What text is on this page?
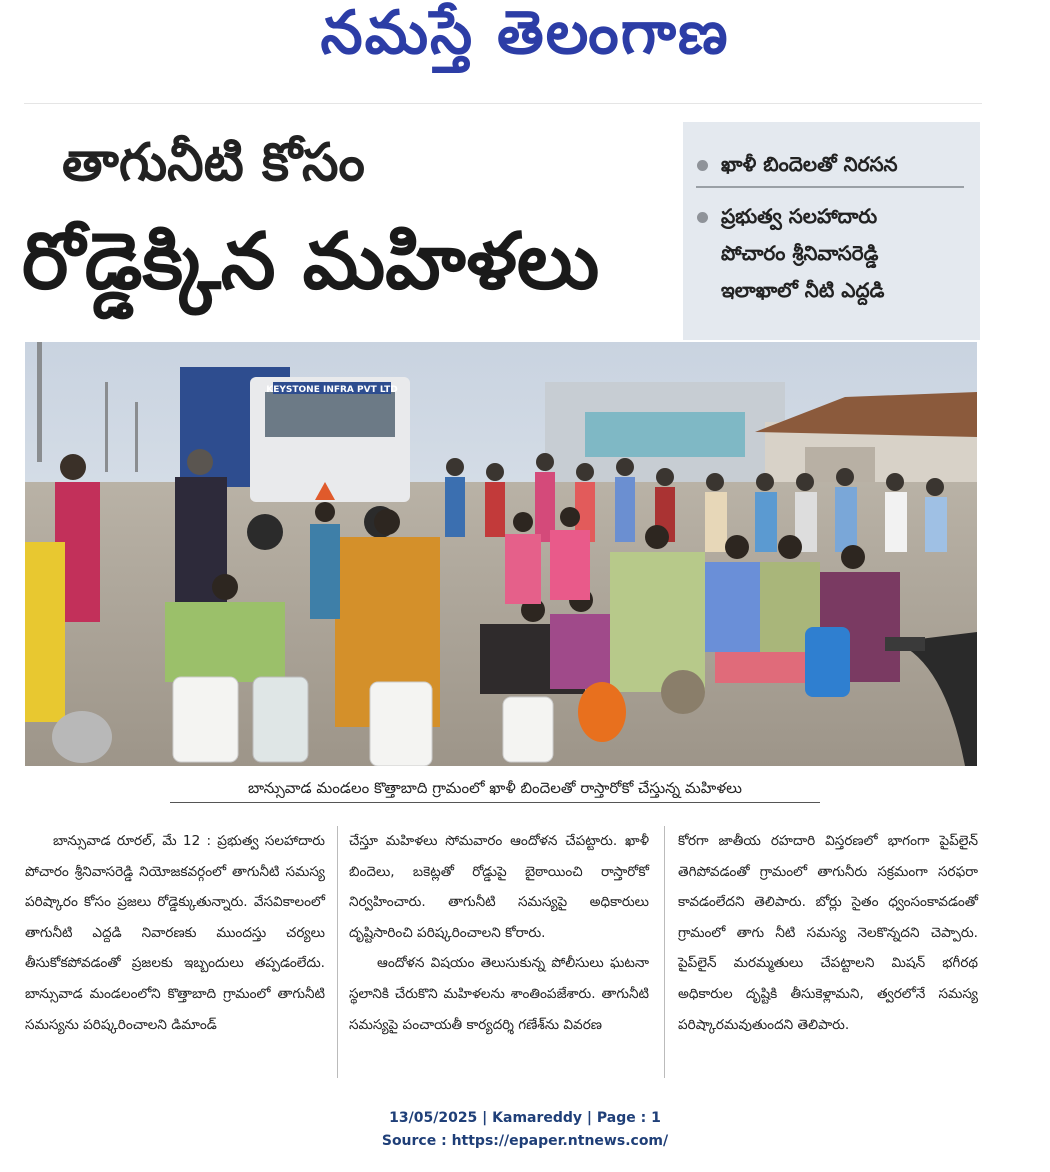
నమస్తే తెలంగాణ
తాగునీటి కోసం
రోడ్డెక్కిన మహిళలు
ఖాళీ బిందెలతో నిరసన
ప్రభుత్వ సలహాదారు
పోచారం శ్రీనివాసరెడ్డి
ఇలాఖాలో నీటి ఎద్దడి
KEYSTONE INFRA PVT LTD
బాన్సువాడ మండలం కొత్తాబాది గ్రామంలో ఖాళీ బిందెలతో రాస్తారోకో చేస్తున్న మహిళలు

బాన్సువాడ రూరల్, మే 12 : ప్రభుత్వ సలహాదారు పోచారం శ్రీనివాసరెడ్డి నియోజకవర్గంలో తాగునీటి సమస్య పరిష్కారం కోసం ప్రజలు రోడ్డెక్కుతున్నారు. వేసవికాలంలో తాగునీటి ఎద్దడి నివారణకు ముందస్తు చర్యలు తీసుకోకపోవడంతో ప్రజలకు ఇబ్బందులు తప్పడంలేదు. బాన్సువాడ మండలంలోని కొత్తాబాది గ్రామంలో తాగునీటి సమస్యను పరిష్కరించాలని డిమాండ్

చేస్తూ మహిళలు సోమవారం ఆందోళన చేపట్టారు. ఖాళీ బిందెలు, బకెట్లతో రోడ్డుపై బైఠాయించి రాస్తారోకో నిర్వహించారు. తాగునీటి సమస్యపై అధికారులు దృష్టిసారించి పరిష్కరించాలని కోరారు.

ఆందోళన విషయం తెలుసుకున్న పోలీసులు ఘటనా స్థలానికి చేరుకొని మహిళలను శాంతింపజేశారు. తాగునీటి సమస్యపై పంచాయతీ కార్యదర్శి గణేశ్‌ను వివరణ

కోరగా జాతీయ రహదారి విస్తరణలో భాగంగా పైప్‌లైన్ తెగిపోవడంతో గ్రామంలో తాగునీరు సక్రమంగా సరఫరా కావడంలేదని తెలిపారు. బోర్లు సైతం ధ్వంసంకావడంతో గ్రామంలో తాగు నీటి సమస్య నెలకొన్నదని చెప్పారు. పైప్‌లైన్ మరమ్మతులు చేపట్టాలని మిషన్ భగీరథ అధికారుల దృష్టికి తీసుకెళ్లామని, త్వరలోనే సమస్య పరిష్కారమవుతుందని తెలిపారు.

13/05/2025 | Kamareddy | Page : 1
Source : https://epaper.ntnews.com/
